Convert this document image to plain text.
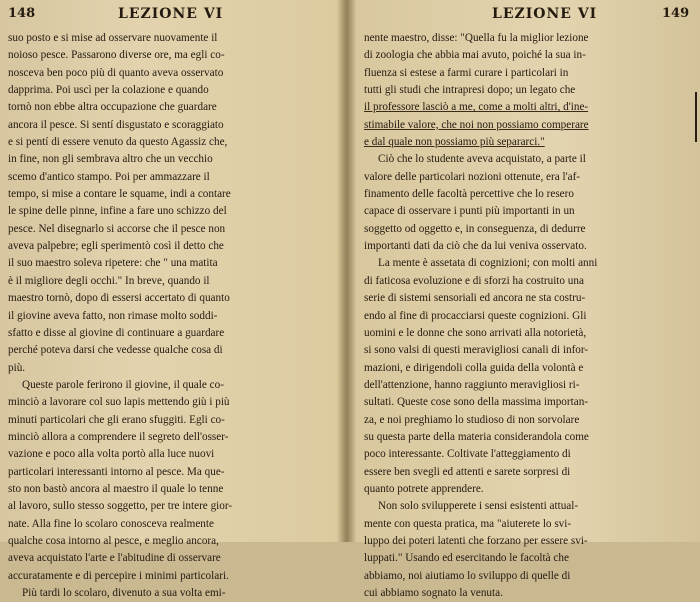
148	LEZIONE VI
suo posto e si mise ad osservare nuovamente il
noioso pesce. Passarono diverse ore, ma egli co-
nosceva ben poco più di quanto aveva osservato
dapprima. Poi uscì per la colazione e quando
tornò non ebbe altra occupazione che guardare
ancora il pesce. Si sentí disgustato e scoraggiato
e si pentí di essere venuto da questo Agassiz che,
in fine, non gli sembrava altro che un vecchio
scemo d'antico stampo. Poi per ammazzare il
tempo, si mise a contare le squame, indi a contare
le spine delle pinne, infine a fare uno schizzo del
pesce. Nel disegnarlo si accorse che il pesce non
aveva palpebre; egli sperimentò così il detto che
il suo maestro soleva ripetere: che " una matita
è il migliore degli occhi." In breve, quando il
maestro tornò, dopo di essersi accertato di quanto
il giovine aveva fatto, non rimase molto soddi-
sfatto e disse al giovine di continuare a guardare
perché poteva darsi che vedesse qualche cosa di
più.
Queste parole ferirono il giovine, il quale co-
minciò a lavorare col suo lapis mettendo giù i più
minuti particolari che gli erano sfuggiti. Egli co-
minciò allora a comprendere il segreto dell'osser-
vazione e poco alla volta portò alla luce nuovi
particolari interessanti intorno al pesce. Ma que-
sto non bastò ancora al maestro il quale lo tenne
al lavoro, sullo stesso soggetto, per tre intere gior-
nate. Alla fine lo scolaro conosceva realmente
qualche cosa intorno al pesce, e meglio ancora,
aveva acquistato l'arte e l'abitudine di osservare
accuratamente e di percepire i minimi particolari.
Più tardi lo scolaro, divenuto a sua volta emi-
LEZIONE VI	149
nente maestro, disse: "Quella fu la miglior lezione
di zoologia che abbia mai avuto, poiché la sua in-
fluenza si estese a farmi curare i particolari in
tutti gli studi che intrapresi dopo; un legato che
il professore lasciò a me, come a molti altri, d'ine-
stimabile valore, che noi non possiamo comperare
e dal quale non possiamo più separarci."
Ciò che lo studente aveva acquistato, a parte il
valore delle particolari nozioni ottenute, era l'af-
finamento delle facoltà percettive che lo resero
capace di osservare i punti più importanti in un
soggetto od oggetto e, in conseguenza, di dedurre
importanti dati da ciò che da lui veniva osservato.
La mente è assetata di cognizioni; con molti anni
di faticosa evoluzione e di sforzi ha costruito una
serie di sistemi sensoriali ed ancora ne sta costru-
endo al fine di procacciarsi queste cognizioni. Gli
uomini e le donne che sono arrivati alla notorietà,
si sono valsi di questi meravigliosi canali di infor-
mazioni, e dirigendoli colla guida della volontà e
dell'attenzione, hanno raggiunto meravigliosi ri-
sultati. Queste cose sono della massima importan-
za, e noi preghiamo lo studioso di non sorvolare
su questa parte della materia considerandola come
poco interessante. Coltivate l'atteggiamento di
essere ben svegli ed attenti e sarete sorpresi di
quanto potrete apprendere.
Non solo svilupperete i sensi esistenti attual-
mente con questa pratica, ma "aiuterete lo svi-
luppo dei poteri latenti che forzano per essere svi-
luppati." Usando ed esercitando le facoltà che
abbiamo, noi aiutiamo lo sviluppo di quelle di
cui abbiamo sognato la venuta.
